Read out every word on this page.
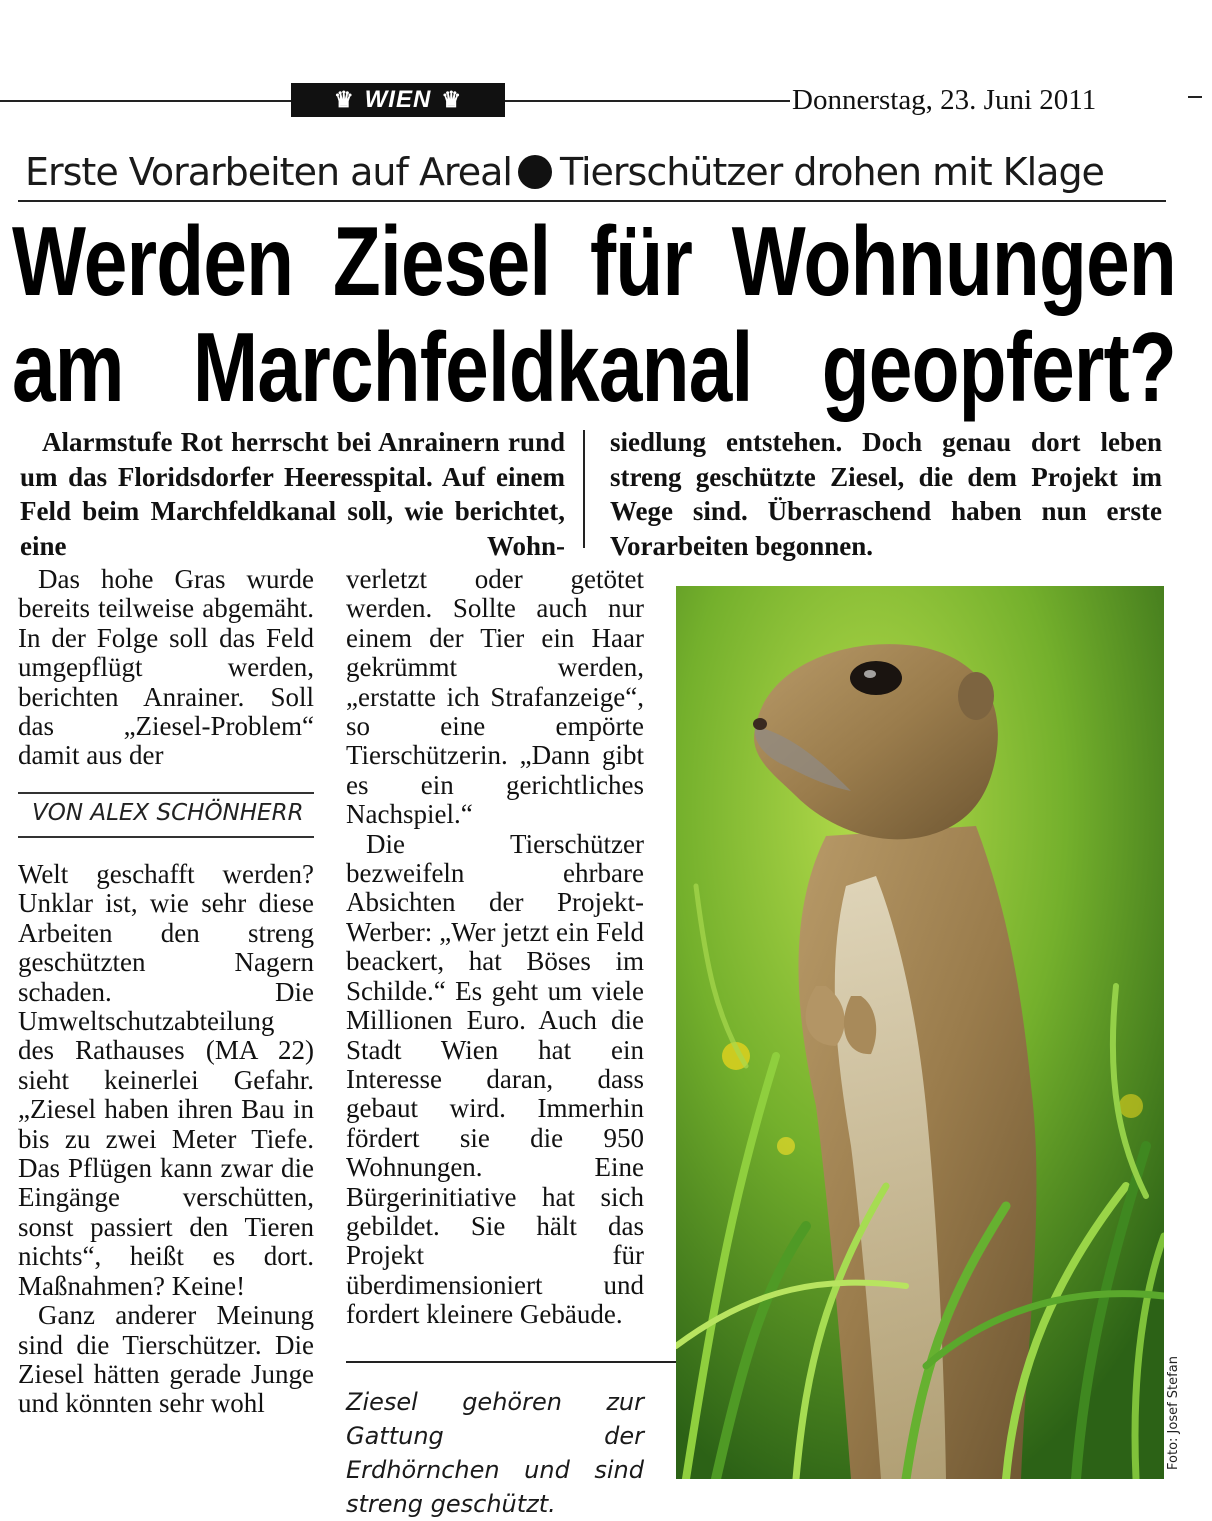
♛ WIEN ♛	Donnerstag, 23. Juni 2011
Erste Vorarbeiten auf Areal Tierschützer drohen mit Klage
Werden Ziesel für Wohnungen
am Marchfeldkanal geopfert?
Alarmstufe Rot herrscht bei Anrainern rund um das Floridsdorfer Heeresspital. Auf einem Feld beim Marchfeldkanal soll, wie berichtet, eine Wohn-
siedlung entstehen. Doch genau dort leben streng geschützte Ziesel, die dem Projekt im Wege sind. Überraschend haben nun erste Vorarbeiten begonnen.

Das hohe Gras wurde bereits teilweise abgemäht. In der Folge soll das Feld umgepflügt werden, berichten Anrainer. Soll das „Ziesel-Problem“ damit aus der

VON ALEX SCHÖNHERR

Welt geschafft werden? Unklar ist, wie sehr diese Arbeiten den streng geschützten Nagern schaden. Die Umweltschutzabteilung des Rathauses (MA 22) sieht keinerlei Gefahr. „Ziesel haben ihren Bau in bis zu zwei Meter Tiefe. Das Pflügen kann zwar die Eingänge verschütten, sonst passiert den Tieren nichts“, heißt es dort. Maßnahmen? Keine!

Ganz anderer Meinung sind die Tierschützer. Die Ziesel hätten gerade Junge und könnten sehr wohl

verletzt oder getötet werden. Sollte auch nur einem der Tier ein Haar gekrümmt werden, „erstatte ich Strafanzeige“, so eine empörte Tierschützerin. „Dann gibt es ein gerichtliches Nachspiel.“

Die Tierschützer bezweifeln ehrbare Absichten der Projekt-Werber: „Wer jetzt ein Feld beackert, hat Böses im Schilde.“ Es geht um viele Millionen Euro. Auch die Stadt Wien hat ein Interesse daran, dass gebaut wird. Immerhin fördert sie die 950 Wohnungen. Eine Bürgerinitiative hat sich gebildet. Sie hält das Projekt für überdimensioniert und fordert kleinere Gebäude.

Ziesel gehören zur Gattung der Erdhörnchen und sind streng geschützt.
Foto: Josef Stefan
